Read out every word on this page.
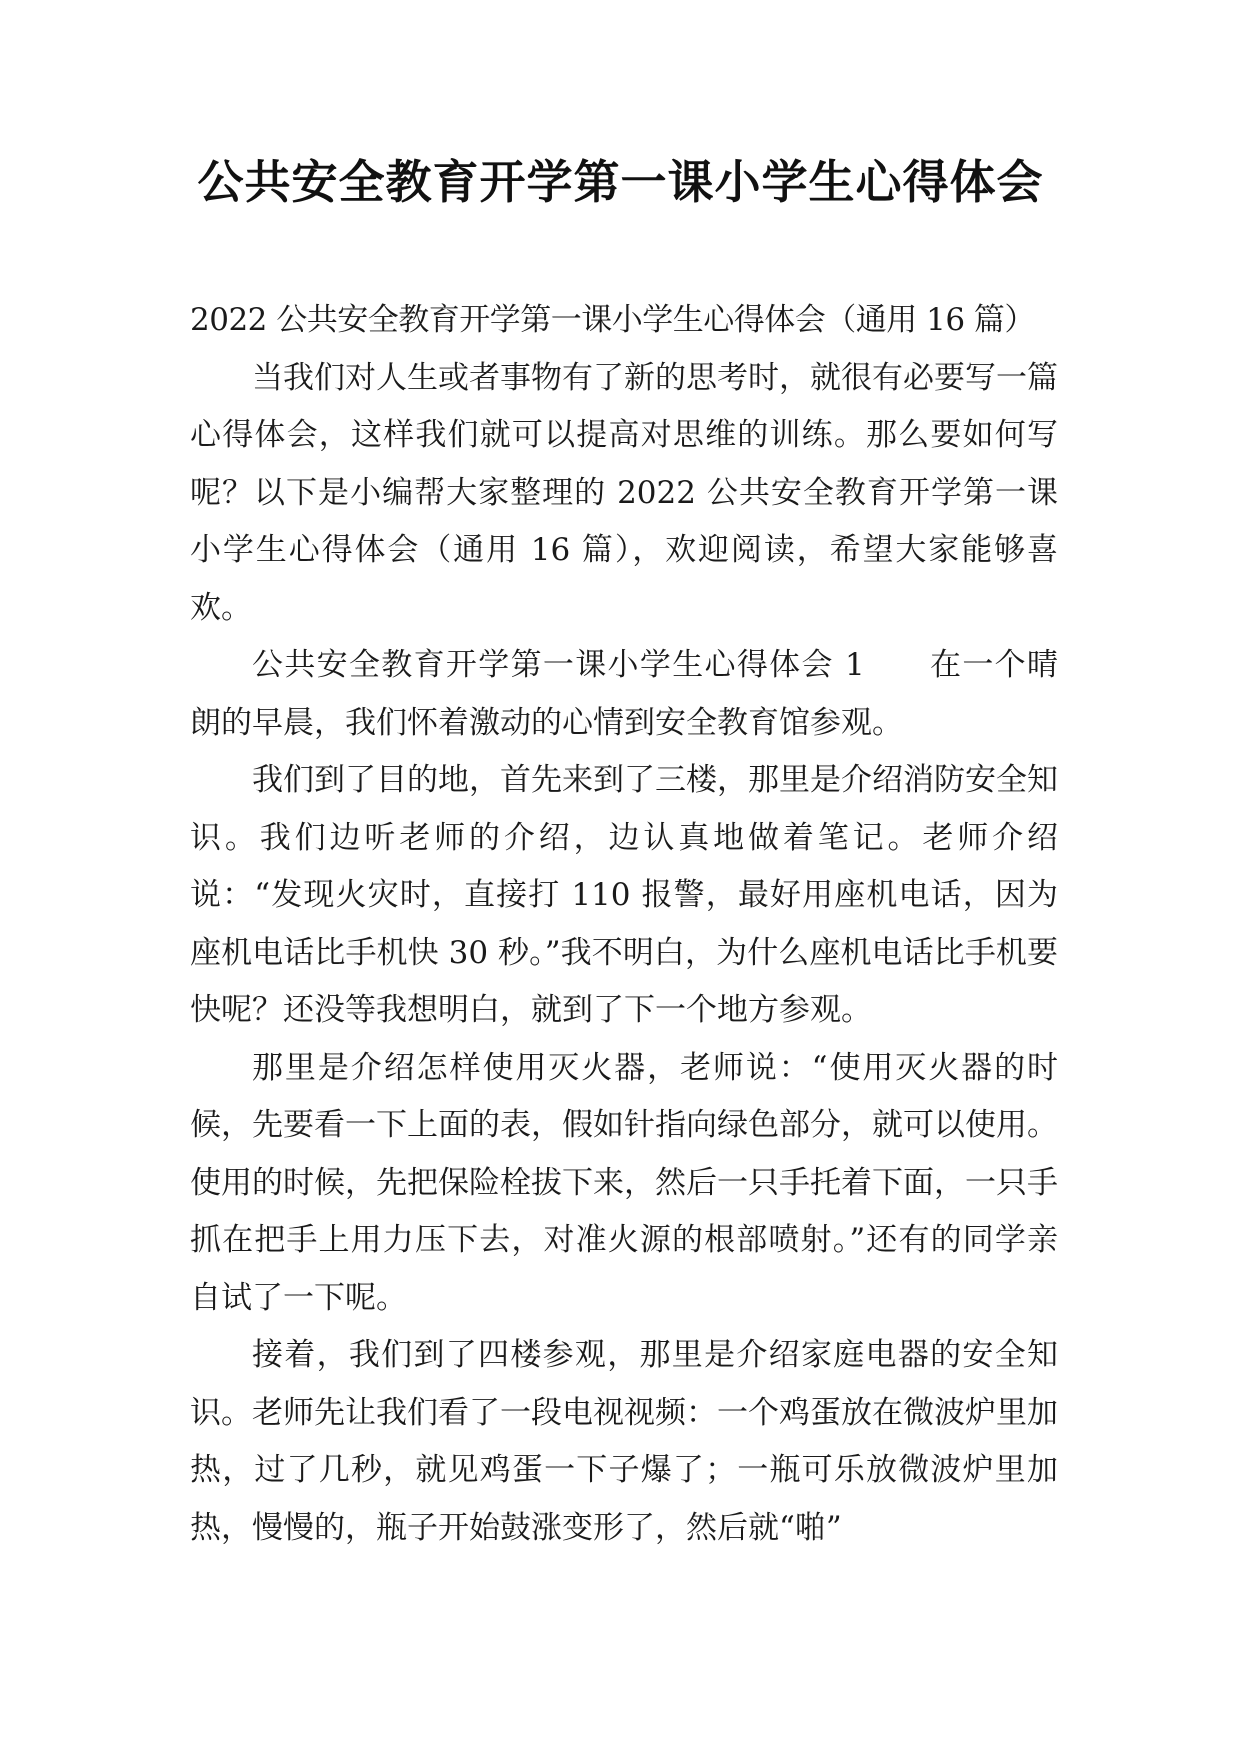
公共安全教育开学第一课小学生心得体会

2022 公共安全教育开学第一课小学生心得体会（通用 16 篇）

当我们对人生或者事物有了新的思考时，就很有必要写一篇心得体会，这样我们就可以提高对思维的训练。那么要如何写呢？以下是小编帮大家整理的 2022 公共安全教育开学第一课小学生心得体会（通用 16 篇），欢迎阅读，希望大家能够喜欢。

公共安全教育开学第一课小学生心得体会 1 在一个晴朗的早晨，我们怀着激动的心情到安全教育馆参观。

我们到了目的地，首先来到了三楼，那里是介绍消防安全知识。我们边听老师的介绍，边认真地做着笔记。老师介绍说：“发现火灾时，直接打 110 报警，最好用座机电话，因为座机电话比手机快 30 秒。”我不明白，为什么座机电话比手机要快呢？还没等我想明白，就到了下一个地方参观。

那里是介绍怎样使用灭火器，老师说：“使用灭火器的时候，先要看一下上面的表，假如针指向绿色部分，就可以使用。使用的时候，先把保险栓拔下来，然后一只手托着下面，一只手抓在把手上用力压下去，对准火源的根部喷射。”还有的同学亲自试了一下呢。

接着，我们到了四楼参观，那里是介绍家庭电器的安全知识。老师先让我们看了一段电视视频：一个鸡蛋放在微波炉里加热，过了几秒，就见鸡蛋一下子爆了；一瓶可乐放微波炉里加热，慢慢的，瓶子开始鼓涨变形了，然后就“啪”
